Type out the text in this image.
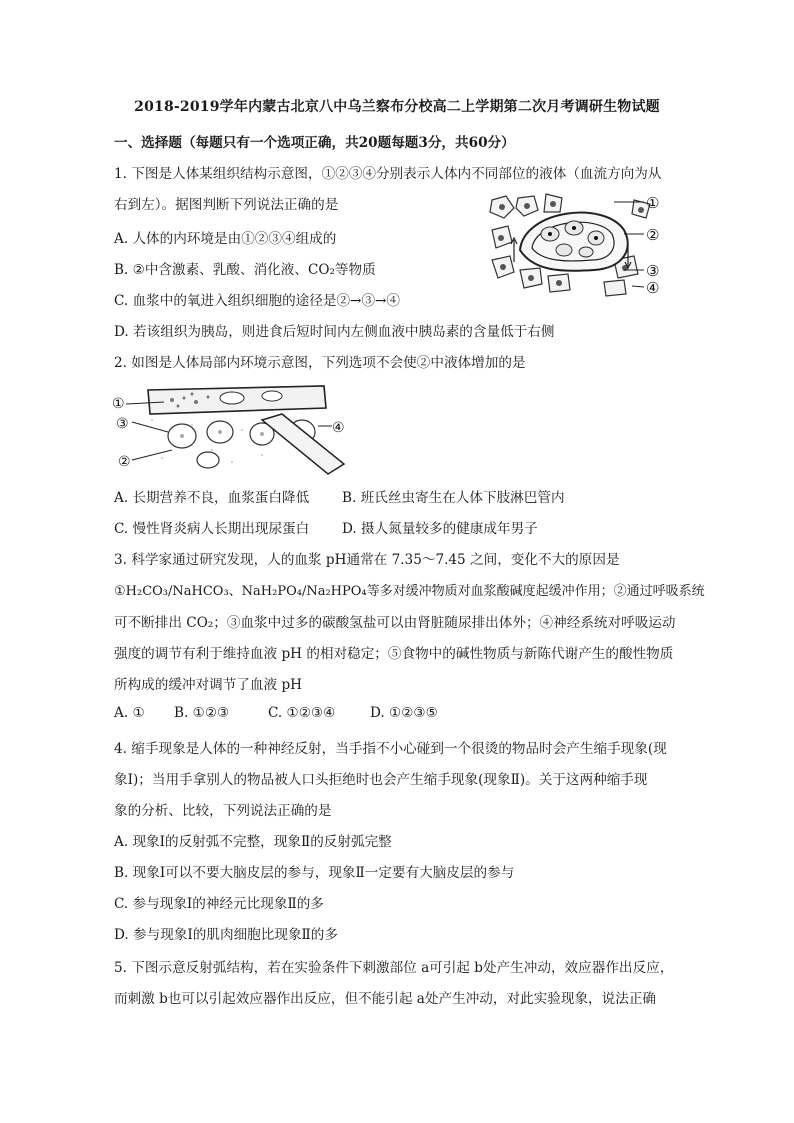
2018-2019学年内蒙古北京八中乌兰察布分校高二上学期第二次月考调研生物试题
一、选择题（每题只有一个选项正确，共20题每题3分，共60分）
1. 下图是人体某组织结构示意图，①②③④分别表示人体内不同部位的液体（血流方向为从
右到左）。据图判断下列说法正确的是
A. 人体的内环境是由①②③④组成的
B. ②中含激素、乳酸、消化液、CO₂等物质
C. 血浆中的氧进入组织细胞的途径是②→③→④
D. 若该组织为胰岛，则进食后短时间内左侧血液中胰岛素的含量低于右侧
①
②
③
④
2. 如图是人体局部内环境示意图，下列选项不会使②中液体增加的是
①
③
②
④
A. 长期营养不良，血浆蛋白降低 B. 班氏丝虫寄生在人体下肢淋巴管内
C. 慢性肾炎病人长期出现尿蛋白 D. 摄人氮量较多的健康成年男子
3. 科学家通过研究发现，人的血浆 pH通常在 7.35～7.45 之间，变化不大的原因是
①H₂CO₃/NaHCO₃、NaH₂PO₄/Na₂HPO₄等多对缓冲物质对血浆酸碱度起缓冲作用；②通过呼吸系统
可不断排出 CO₂；③血浆中过多的碳酸氢盐可以由肾脏随尿排出体外；④神经系统对呼吸运动
强度的调节有利于维持血液 pH 的相对稳定；⑤食物中的碱性物质与新陈代谢产生的酸性物质
所构成的缓冲对调节了血液 pH
A. ① B. ①②③	C. ①②③④	D. ①②③⑤
4. 缩手现象是人体的一种神经反射，当手指不小心碰到一个很烫的物品时会产生缩手现象(现
象Ⅰ)；当用手拿别人的物品被人口头拒绝时也会产生缩手现象(现象Ⅱ)。关于这两种缩手现
象的分析、比较，下列说法正确的是
A. 现象Ⅰ的反射弧不完整，现象Ⅱ的反射弧完整
B. 现象Ⅰ可以不要大脑皮层的参与，现象Ⅱ一定要有大脑皮层的参与
C. 参与现象Ⅰ的神经元比现象Ⅱ的多
D. 参与现象Ⅰ的肌肉细胞比现象Ⅱ的多
5. 下图示意反射弧结构，若在实验条件下刺激部位 a可引起 b处产生冲动，效应器作出反应，
而刺激 b也可以引起效应器作出反应，但不能引起 a处产生冲动，对此实验现象，说法正确
